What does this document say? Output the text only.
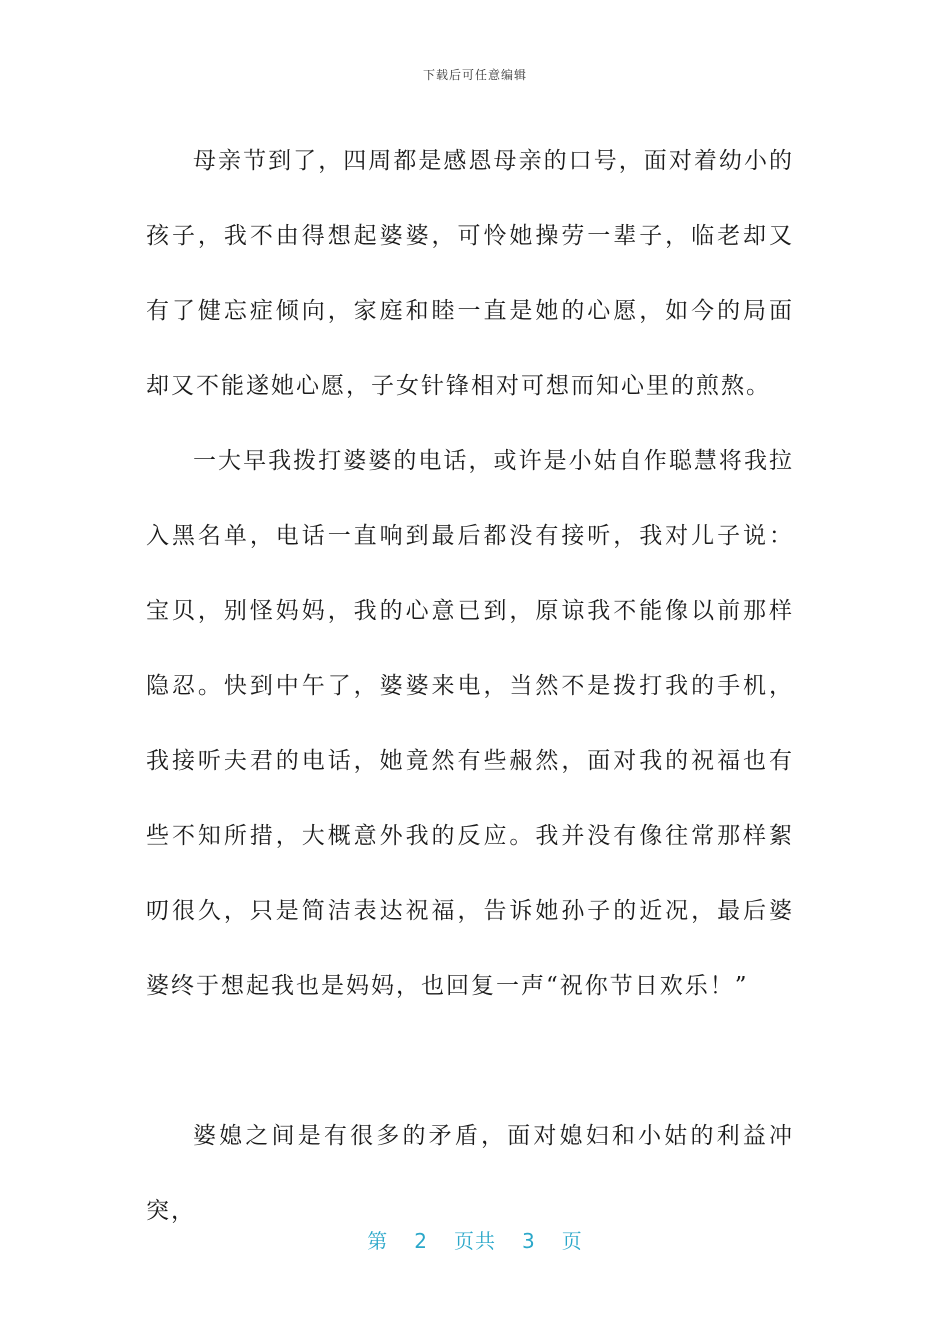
下载后可任意编辑

母亲节到了，四周都是感恩母亲的口号，面对着幼小的孩子，我不由得想起婆婆，可怜她操劳一辈子，临老却又有了健忘症倾向，家庭和睦一直是她的心愿，如今的局面却又不能遂她心愿，子女针锋相对可想而知心里的煎熬。

一大早我拨打婆婆的电话，或许是小姑自作聪慧将我拉入黑名单，电话一直响到最后都没有接听，我对儿子说：宝贝，别怪妈妈，我的心意已到，原谅我不能像以前那样隐忍。快到中午了，婆婆来电，当然不是拨打我的手机，我接听夫君的电话，她竟然有些赧然，面对我的祝福也有些不知所措，大概意外我的反应。我并没有像往常那样絮叨很久，只是简洁表达祝福，告诉她孙子的近况，最后婆婆终于想起我也是妈妈，也回复一声“祝你节日欢乐！”

婆媳之间是有很多的矛盾，面对媳妇和小姑的利益冲突，

第 2 页共 3 页
